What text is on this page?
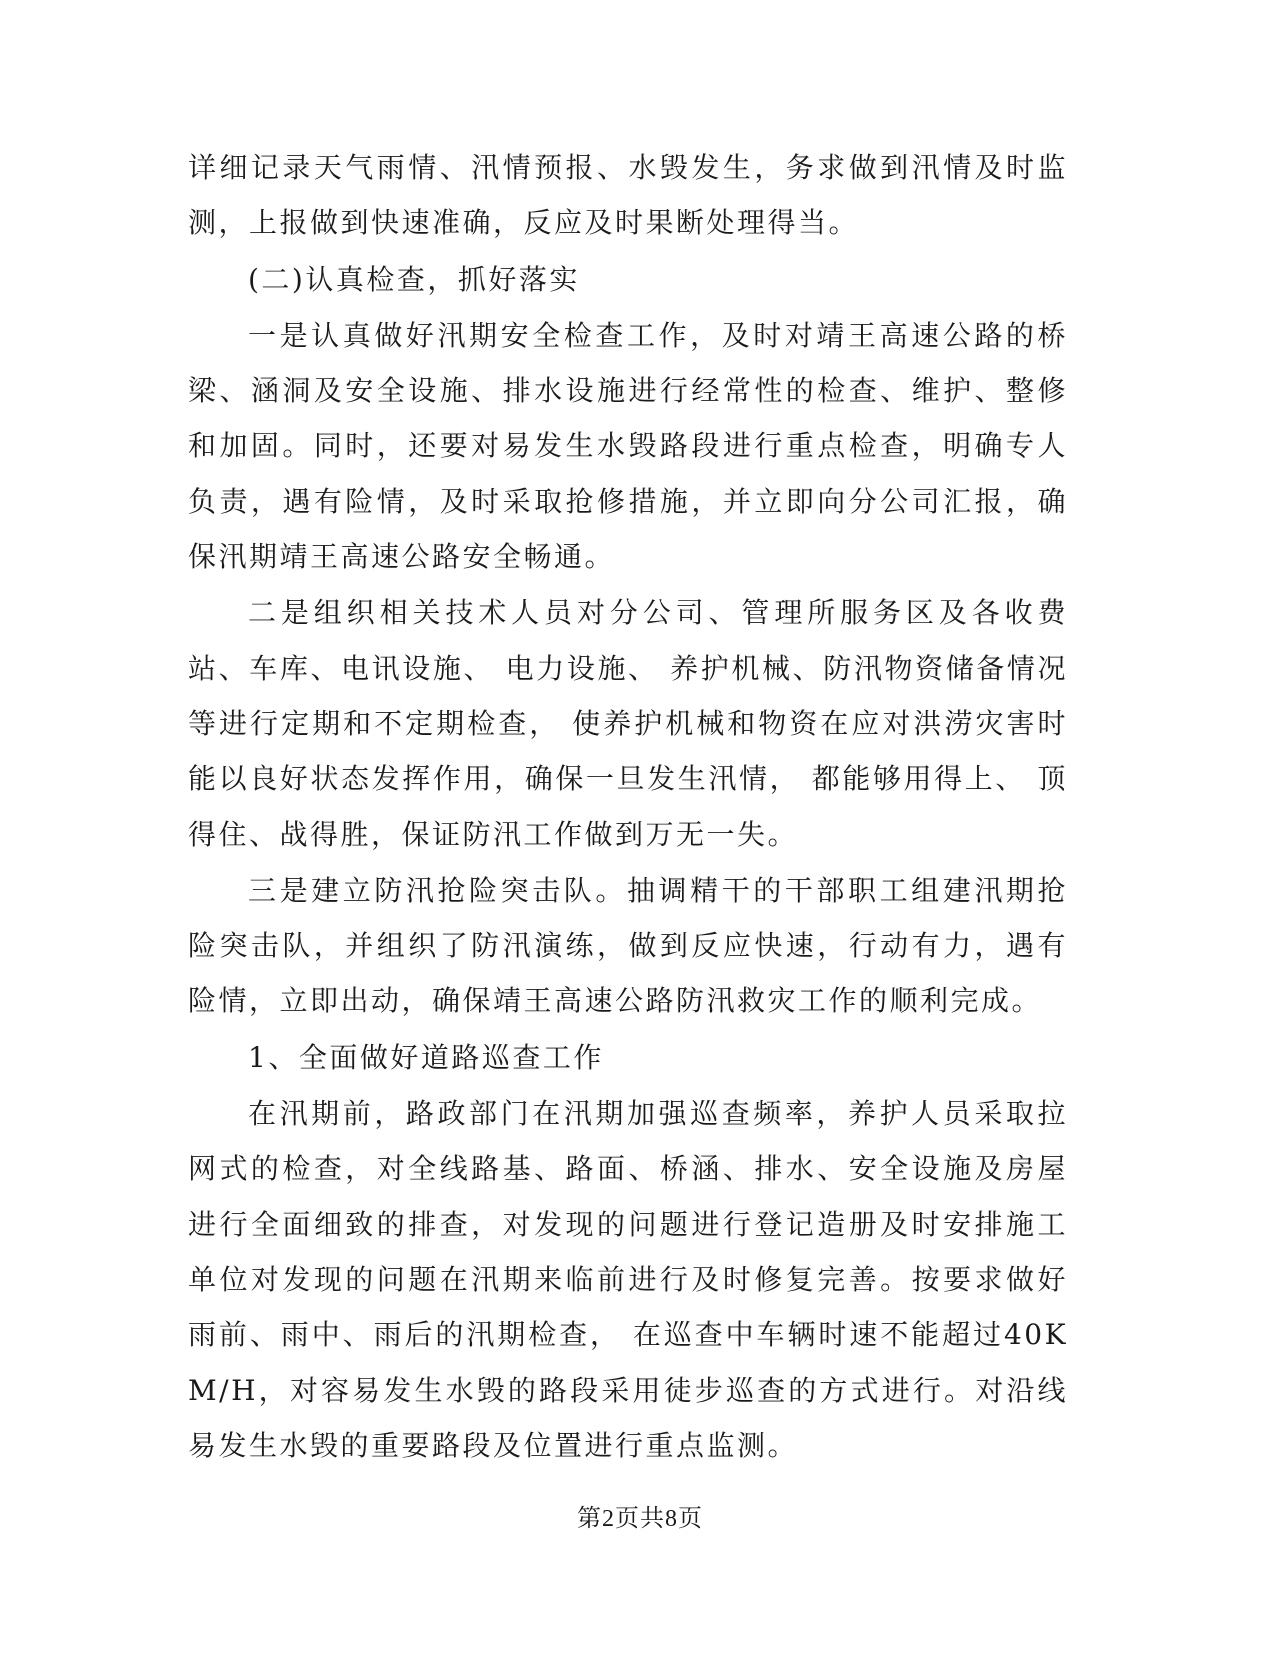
详细记录天气雨情、汛情预报、水毁发生，务求做到汛情及时监测，上报做到快速准确，反应及时果断处理得当。

(二)认真检查，抓好落实

一是认真做好汛期安全检查工作，及时对靖王高速公路的桥梁、涵洞及安全设施、排水设施进行经常性的检查、维护、整修和加固。同时，还要对易发生水毁路段进行重点检查，明确专人负责，遇有险情，及时采取抢修措施，并立即向分公司汇报，确保汛期靖王高速公路安全畅通。

二是组织相关技术人员对分公司、管理所服务区及各收费站、车库、电讯设施、 电力设施、 养护机械、防汛物资储备情况等进行定期和不定期检查， 使养护机械和物资在应对洪涝灾害时能以良好状态发挥作用，确保一旦发生汛情， 都能够用得上、 顶得住、战得胜，保证防汛工作做到万无一失。

三是建立防汛抢险突击队。抽调精干的干部职工组建汛期抢险突击队，并组织了防汛演练，做到反应快速，行动有力，遇有险情，立即出动，确保靖王高速公路防汛救灾工作的顺利完成。

1、全面做好道路巡查工作

在汛期前，路政部门在汛期加强巡查频率，养护人员采取拉网式的检查，对全线路基、路面、桥涵、排水、安全设施及房屋进行全面细致的排查，对发现的问题进行登记造册及时安排施工单位对发现的问题在汛期来临前进行及时修复完善。按要求做好雨前、雨中、雨后的汛期检查， 在巡查中车辆时速不能超过40KM/H，对容易发生水毁的路段采用徒步巡查的方式进行。对沿线易发生水毁的重要路段及位置进行重点监测。

第2页共8页
